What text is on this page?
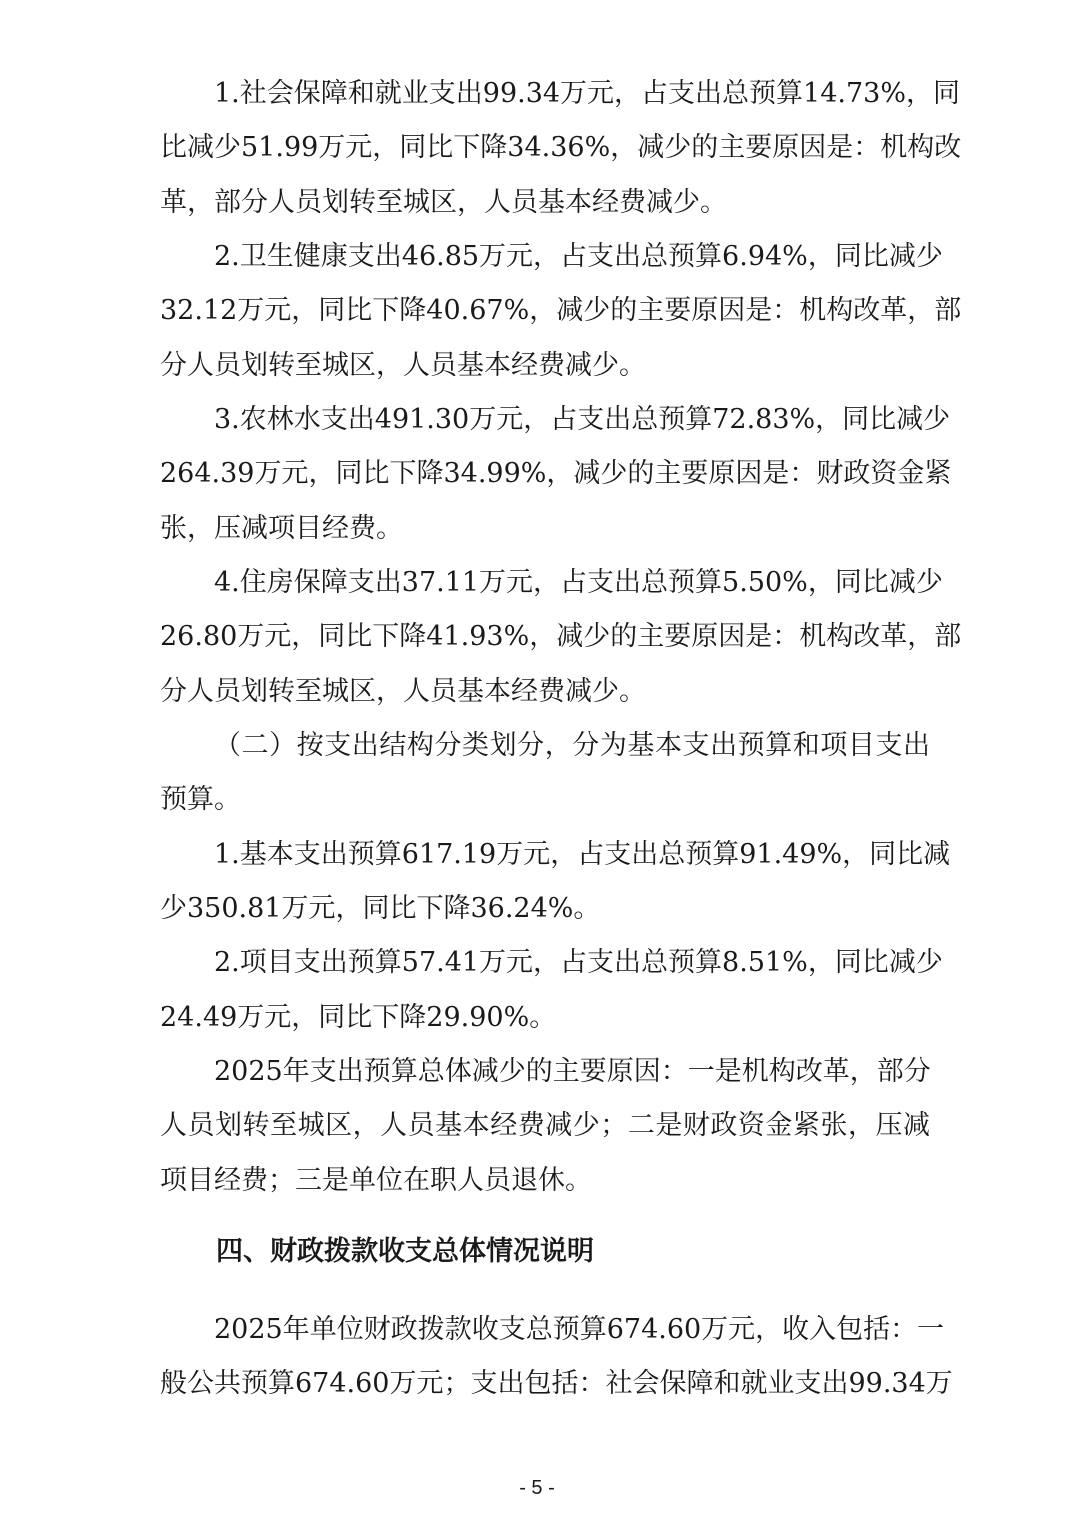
1.社会保障和就业支出99.34万元，占支出总预算14.73%，同
比减少51.99万元，同比下降34.36%，减少的主要原因是：机构改
革，部分人员划转至城区，人员基本经费减少。
2.卫生健康支出46.85万元，占支出总预算6.94%，同比减少
32.12万元，同比下降40.67%，减少的主要原因是：机构改革，部
分人员划转至城区，人员基本经费减少。
3.农林水支出491.30万元，占支出总预算72.83%，同比减少
264.39万元，同比下降34.99%，减少的主要原因是：财政资金紧
张，压减项目经费。
4.住房保障支出37.11万元，占支出总预算5.50%，同比减少
26.80万元，同比下降41.93%，减少的主要原因是：机构改革，部
分人员划转至城区，人员基本经费减少。
（二）按支出结构分类划分，分为基本支出预算和项目支出
预算。
1.基本支出预算617.19万元，占支出总预算91.49%，同比减
少350.81万元，同比下降36.24%。
2.项目支出预算57.41万元，占支出总预算8.51%，同比减少
24.49万元，同比下降29.90%。
2025年支出预算总体减少的主要原因：一是机构改革，部分
人员划转至城区，人员基本经费减少；二是财政资金紧张，压减
项目经费；三是单位在职人员退休。
四、财政拨款收支总体情况说明
2025年单位财政拨款收支总预算674.60万元，收入包括：一
般公共预算674.60万元；支出包括：社会保障和就业支出99.34万
- 5 -
